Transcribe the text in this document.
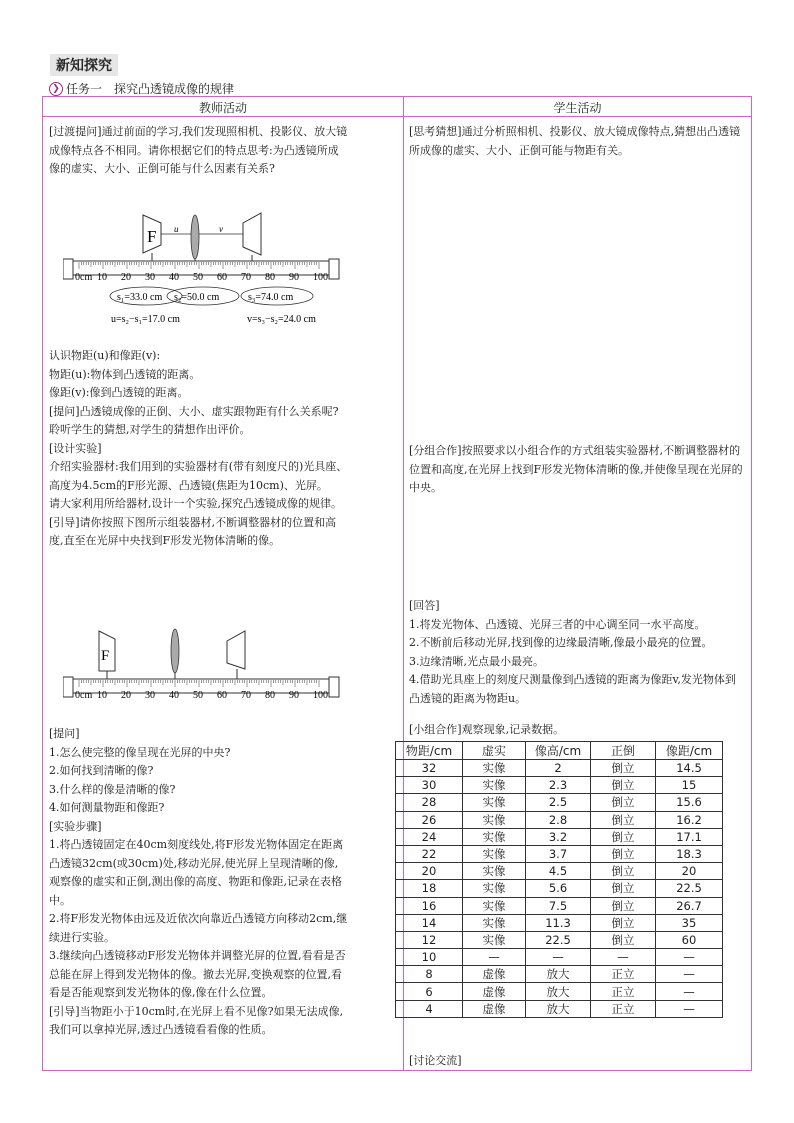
新知探究
❯ 任务一　探究凸透镜成像的规律
教师活动	学生活动

[过渡提问]通过前面的学习,我们发现照相机、投影仪、放大镜成像特点各不相同。请你根据它们的特点思考:为凸透镜所成像的虚实、大小、正倒可能与什么因素有关系?

F u	v
0cm 10 20 30 40 50 60 70 80 90 100
s₁=33.0 cm s₂=50.0 cm	s₃=74.0 cm
u=s₂−s₁=17.0 cm	v=s₃−s₂=24.0 cm

认识物距(u)和像距(v):

物距(u):物体到凸透镜的距离。

像距(v):像到凸透镜的距离。

[提问]凸透镜成像的正倒、大小、虚实跟物距有什么关系呢?聆听学生的猜想,对学生的猜想作出评价。

[设计实验]

介绍实验器材:我们用到的实验器材有(带有刻度尺的)光具座、高度为4.5cm的F形光源、凸透镜(焦距为10cm)、光屏。

请大家利用所给器材,设计一个实验,探究凸透镜成像的规律。

[引导]请你按照下图所示组装器材,不断调整器材的位置和高度,直至在光屏中央找到F形发光物体清晰的像。

F
0cm 10 20 30 40 50 60 70 80 90 100

[提问]

1.怎么使完整的像呈现在光屏的中央?

2.如何找到清晰的像?

3.什么样的像是清晰的像?

4.如何测量物距和像距?

[实验步骤]

1.将凸透镜固定在40cm刻度线处,将F形发光物体固定在距离凸透镜32cm(或30cm)处,移动光屏,使光屏上呈现清晰的像,观察像的虚实和正倒,测出像的高度、物距和像距,记录在表格中。

2.将F形发光物体由远及近依次向靠近凸透镜方向移动2cm,继续进行实验。

3.继续向凸透镜移动F形发光物体并调整光屏的位置,看看是否总能在屏上得到发光物体的像。撤去光屏,变换观察的位置,看看是否能观察到发光物体的像,像在什么位置。

[引导]当物距小于10cm时,在光屏上看不见像?如果无法成像,我们可以拿掉光屏,透过凸透镜看看像的性质。

[思考猜想]通过分析照相机、投影仪、放大镜成像特点,猜想出凸透镜所成像的虚实、大小、正倒可能与物距有关。

[分组合作]按照要求以小组合作的方式组装实验器材,不断调整器材的位置和高度,在光屏上找到F形发光物体清晰的像,并使像呈现在光屏的中央。

[回答]

1.将发光物体、凸透镜、光屏三者的中心调至同一水平高度。

2.不断前后移动光屏,找到像的边缘最清晰,像最小最亮的位置。

3.边缘清晰,光点最小最亮。

4.借助光具座上的刻度尺测量像到凸透镜的距离为像距v,发光物体到凸透镜的距离为物距u。

[小组合作]观察现象,记录数据。

物距/cm	虚实	像高/cm	正倒	像距/cm
32	实像	2	倒立	14.5
30	实像	2.3	倒立	15
28	实像	2.5	倒立	15.6
26	实像	2.8	倒立	16.2
24	实像	3.2	倒立	17.1
22	实像	3.7	倒立	18.3
20	实像	4.5	倒立	20
18	实像	5.6	倒立	22.5
16	实像	7.5	倒立	26.7
14	实像	11.3	倒立	35
12	实像	22.5	倒立	60
10	—	—	—	—
8	虚像	放大	正立	—
6	虚像	放大	正立	—
4	虚像	放大	正立	—

[讨论交流]
